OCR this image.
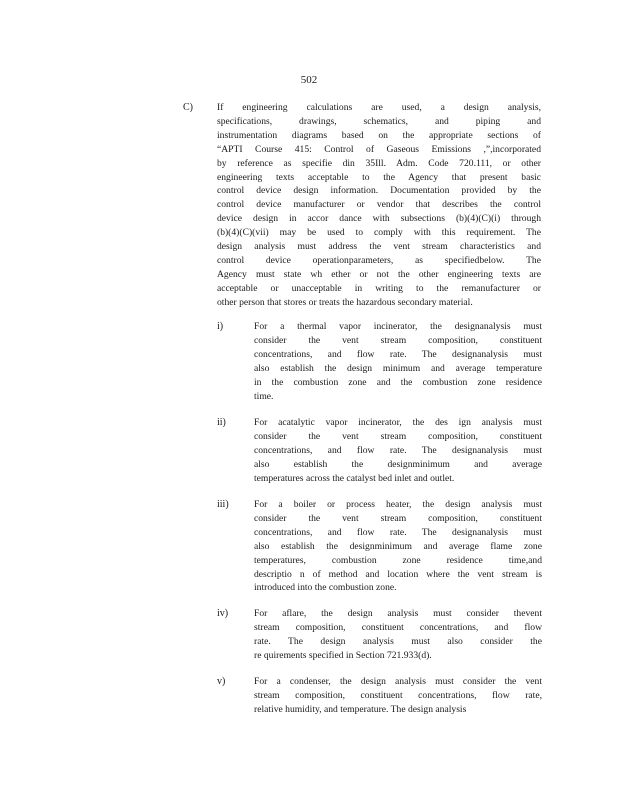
502
C)	If engineering calculations are used, a design analysis,
specifications, drawings, schematics, and piping and
instrumentation diagrams based on the appropriate sections of
“APTI Course 415: Control of Gaseous Emissions ,”,incorporated
by reference as specifie din 35Ill. Adm. Code 720.111, or other
engineering texts acceptable to the Agency that present basic
control device design information. Documentation provided by the
control device manufacturer or vendor that describes the control
device design in accor dance with subsections (b)(4)(C)(i) through
(b)(4)(C)(vii) may be used to comply with this requirement. The
design analysis must address the vent stream characteristics and
control device operationparameters, as specifiedbelow. The
Agency must state wh ether or not the other engineering texts are
acceptable or unacceptable in writing to the remanufacturer or
other person that stores or treats the hazardous secondary material.
i)	For a thermal vapor incinerator, the designanalysis must
consider the vent stream composition, constituent
concentrations, and flow rate. The designanalysis must
also establish the design minimum and average temperature
in the combustion zone and the combustion zone residence
time.
ii)	For acatalytic vapor incinerator, the des ign analysis must
consider the vent stream composition, constituent
concentrations, and flow rate. The designanalysis must
also establish the designminimum and average
temperatures across the catalyst bed inlet and outlet.
iii)	For a boiler or process heater, the design analysis must
consider the vent stream composition, constituent
concentrations, and flow rate. The designanalysis must
also establish the designminimum and average flame zone
temperatures, combustion zone residence time,and
descriptio n of method and location where the vent stream is
introduced into the combustion zone.
iv)	For aflare, the design analysis must consider thevent
stream composition, constituent concentrations, and flow
rate. The design analysis must also consider the
re quirements specified in Section 721.933(d).
v)	For a condenser, the design analysis must consider the vent
stream composition, constituent concentrations, flow rate,
relative humidity, and temperature. The design analysis
